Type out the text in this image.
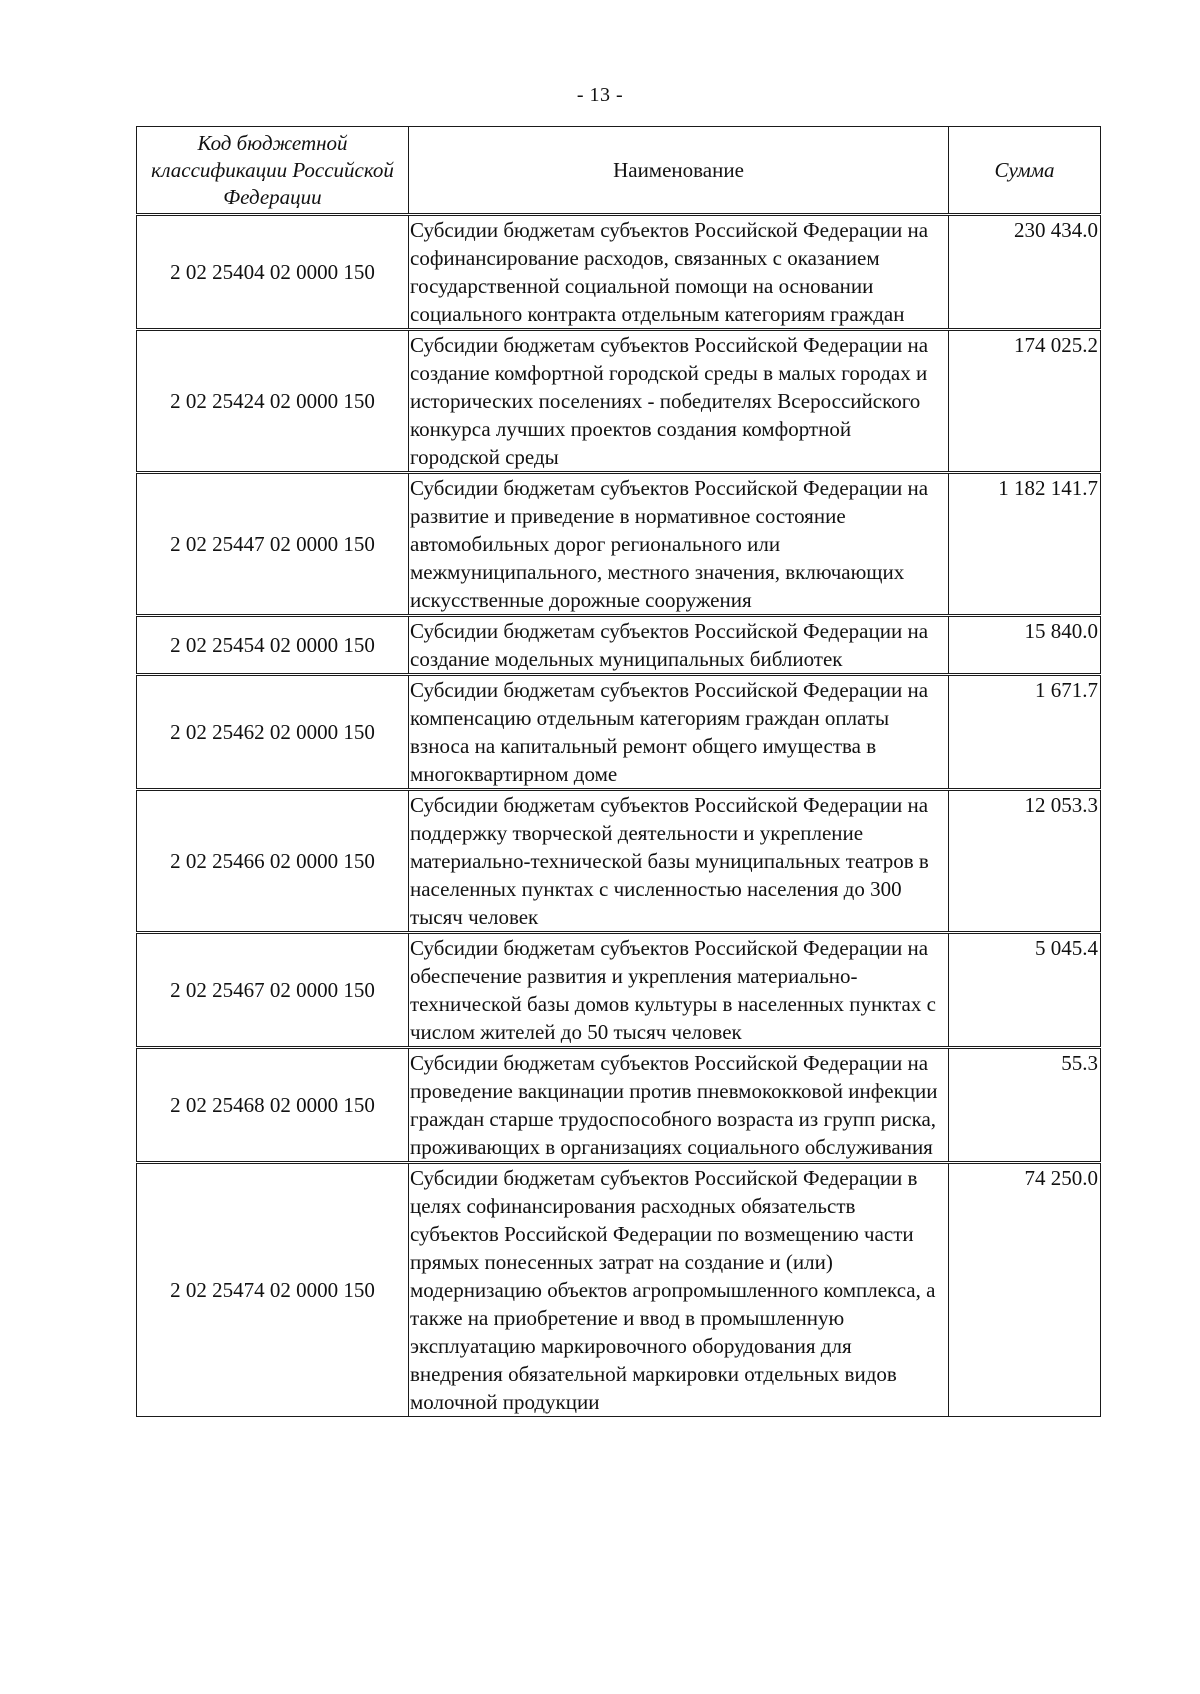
- 13 -
Код бюджетной классификации Российской Федерации	Наименование	Сумма
2 02 25404 02 0000 150	Субсидии бюджетам субъектов Российской Федерации на софинансирование расходов, связанных с оказанием государственной социальной помощи на основании социального контракта отдельным категориям граждан	230 434.0
2 02 25424 02 0000 150	Субсидии бюджетам субъектов Российской Федерации на создание комфортной городской среды в малых городах и исторических поселениях - победителях Всероссийского конкурса лучших проектов создания комфортной городской среды	174 025.2
2 02 25447 02 0000 150	Субсидии бюджетам субъектов Российской Федерации на развитие и приведение в нормативное состояние автомобильных дорог регионального или межмуниципального, местного значения, включающих искусственные дорожные сооружения	1 182 141.7
2 02 25454 02 0000 150	Субсидии бюджетам субъектов Российской Федерации на создание модельных муниципальных библиотек	15 840.0
2 02 25462 02 0000 150	Субсидии бюджетам субъектов Российской Федерации на компенсацию отдельным категориям граждан оплаты взноса на капитальный ремонт общего имущества в многоквартирном доме	1 671.7
2 02 25466 02 0000 150	Субсидии бюджетам субъектов Российской Федерации на поддержку творческой деятельности и укрепление материально-технической базы муниципальных театров в населенных пунктах с численностью населения до 300 тысяч человек	12 053.3
2 02 25467 02 0000 150	Субсидии бюджетам субъектов Российской Федерации на обеспечение развития и укрепления материально-технической базы домов культуры в населенных пунктах с числом жителей до 50 тысяч человек	5 045.4
2 02 25468 02 0000 150	Субсидии бюджетам субъектов Российской Федерации на проведение вакцинации против пневмококковой инфекции граждан старше трудоспособного возраста из групп риска, проживающих в организациях социального обслуживания	55.3
2 02 25474 02 0000 150	Субсидии бюджетам субъектов Российской Федерации в целях софинансирования расходных обязательств субъектов Российской Федерации по возмещению части прямых понесенных затрат на создание и (или) модернизацию объектов агропромышленного комплекса, а также на приобретение и ввод в промышленную эксплуатацию маркировочного оборудования для внедрения обязательной маркировки отдельных видов молочной продукции	74 250.0
